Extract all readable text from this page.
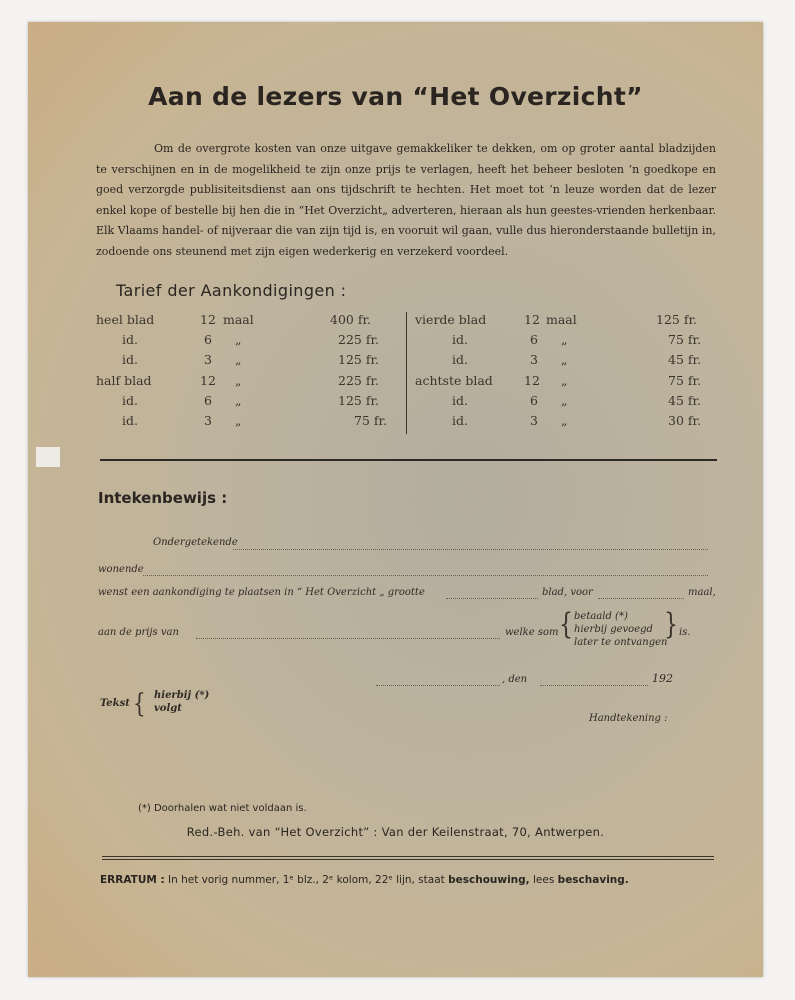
Aan de lezers van “Het Overzicht”
Om de overgrote kosten van onze uitgave gemakkeliker te dekken, om op groter aantal bladzijden te verschijnen en in de mogelikheid te zijn onze prijs te verlagen, heeft het beheer besloten ’n goedkope en goed verzorgde publisiteitsdienst aan ons tijdschrift te hechten. Het moet tot ’n leuze worden dat de lezer enkel kope of bestelle bij hen die in “Het Overzicht„ adverteren, hieraan als hun geestes-vrienden herkenbaar. Elk Vlaams handel- of nijveraar die van zijn tijd is, en vooruit wil gaan, vulle dus hieronderstaande bulletijn in, zodoende ons steunend met zijn eigen wederkerig en verzekerd voordeel.
Tarief der Aankondigingen :
heel blad	12 maal	400 fr.
id.	6 „	225 fr.
id.	3 „	125 fr.
half blad	12 „	225 fr.
id.	6 „	125 fr.
id.	3 „	75 fr.
vierde blad	12 maal	125 fr.
id.	6 „	75 fr.
id.	3 „	45 fr.
achtste blad 12 „	75 fr.
id.	6 „	45 fr.
id.	3 „	30 fr.
Intekenbewijs :
Ondergetekende
wonende
wenst een aankondiging te plaatsen in “ Het Overzicht „ grootte	blad, voor	maal,
aan de prijs van	welke som { betaald (*)
hierbij gevoegd
later te ontvangen
} is.
, den	192
Tekst { hierbij (*)
volgt
Handtekening :
(*) Doorhalen wat niet voldaan is.
Red.-Beh. van “Het Overzicht” : Van der Keilenstraat, 70, Antwerpen.
ERRATUM : In het vorig nummer, 1ᵉ blz., 2ᵉ kolom, 22ᵉ lijn, staat beschouwing, lees beschaving.
